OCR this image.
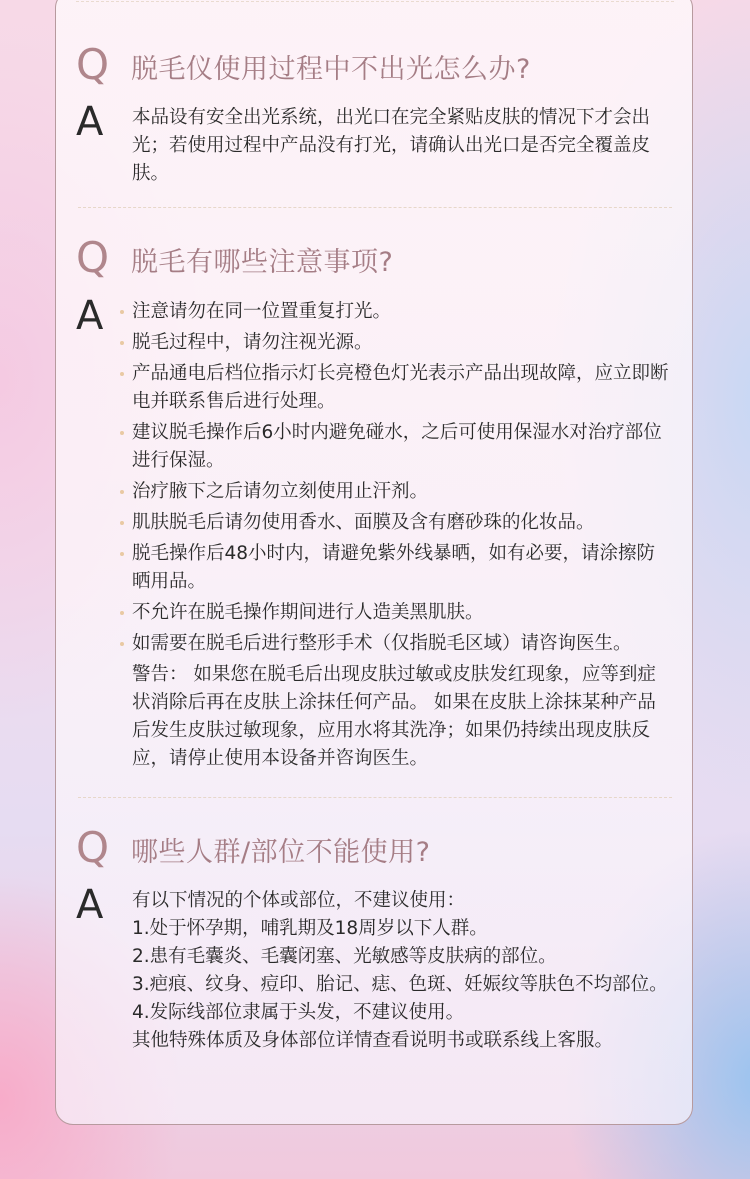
Q 脱毛仪使用过程中不出光怎么办?
A 本品设有安全出光系统，出光口在完全紧贴皮肤的情况下才会出光；若使用过程中产品没有打光，请确认出光口是否完全覆盖皮肤。

Q 脱毛有哪些注意事项?
A 注意请勿在同一位置重复打光。
脱毛过程中，请勿注视光源。
产品通电后档位指示灯长亮橙色灯光表示产品出现故障，应立即断电并联系售后进行处理。
建议脱毛操作后6小时内避免碰水，之后可使用保湿水对治疗部位进行保湿。
治疗腋下之后请勿立刻使用止汗剂。
肌肤脱毛后请勿使用香水、面膜及含有磨砂珠的化妆品。
脱毛操作后48小时内，请避免紫外线暴晒，如有必要，请涂擦防晒用品。
不允许在脱毛操作期间进行人造美黑肌肤。
如需要在脱毛后进行整形手术（仅指脱毛区域）请咨询医生。

警告： 如果您在脱毛后出现皮肤过敏或皮肤发红现象，应等到症状消除后再在皮肤上涂抹任何产品。 如果在皮肤上涂抹某种产品后发生皮肤过敏现象，应用水将其洗净；如果仍持续出现皮肤反应，请停止使用本设备并咨询医生。

Q 哪些人群/部位不能使用?
A 有以下情况的个体或部位，不建议使用：

1.处于怀孕期，哺乳期及18周岁以下人群。

2.患有毛囊炎、毛囊闭塞、光敏感等皮肤病的部位。

3.疤痕、纹身、痘印、胎记、痣、色斑、妊娠纹等肤色不均部位。

4.发际线部位隶属于头发，不建议使用。

其他特殊体质及身体部位详情查看说明书或联系线上客服。
